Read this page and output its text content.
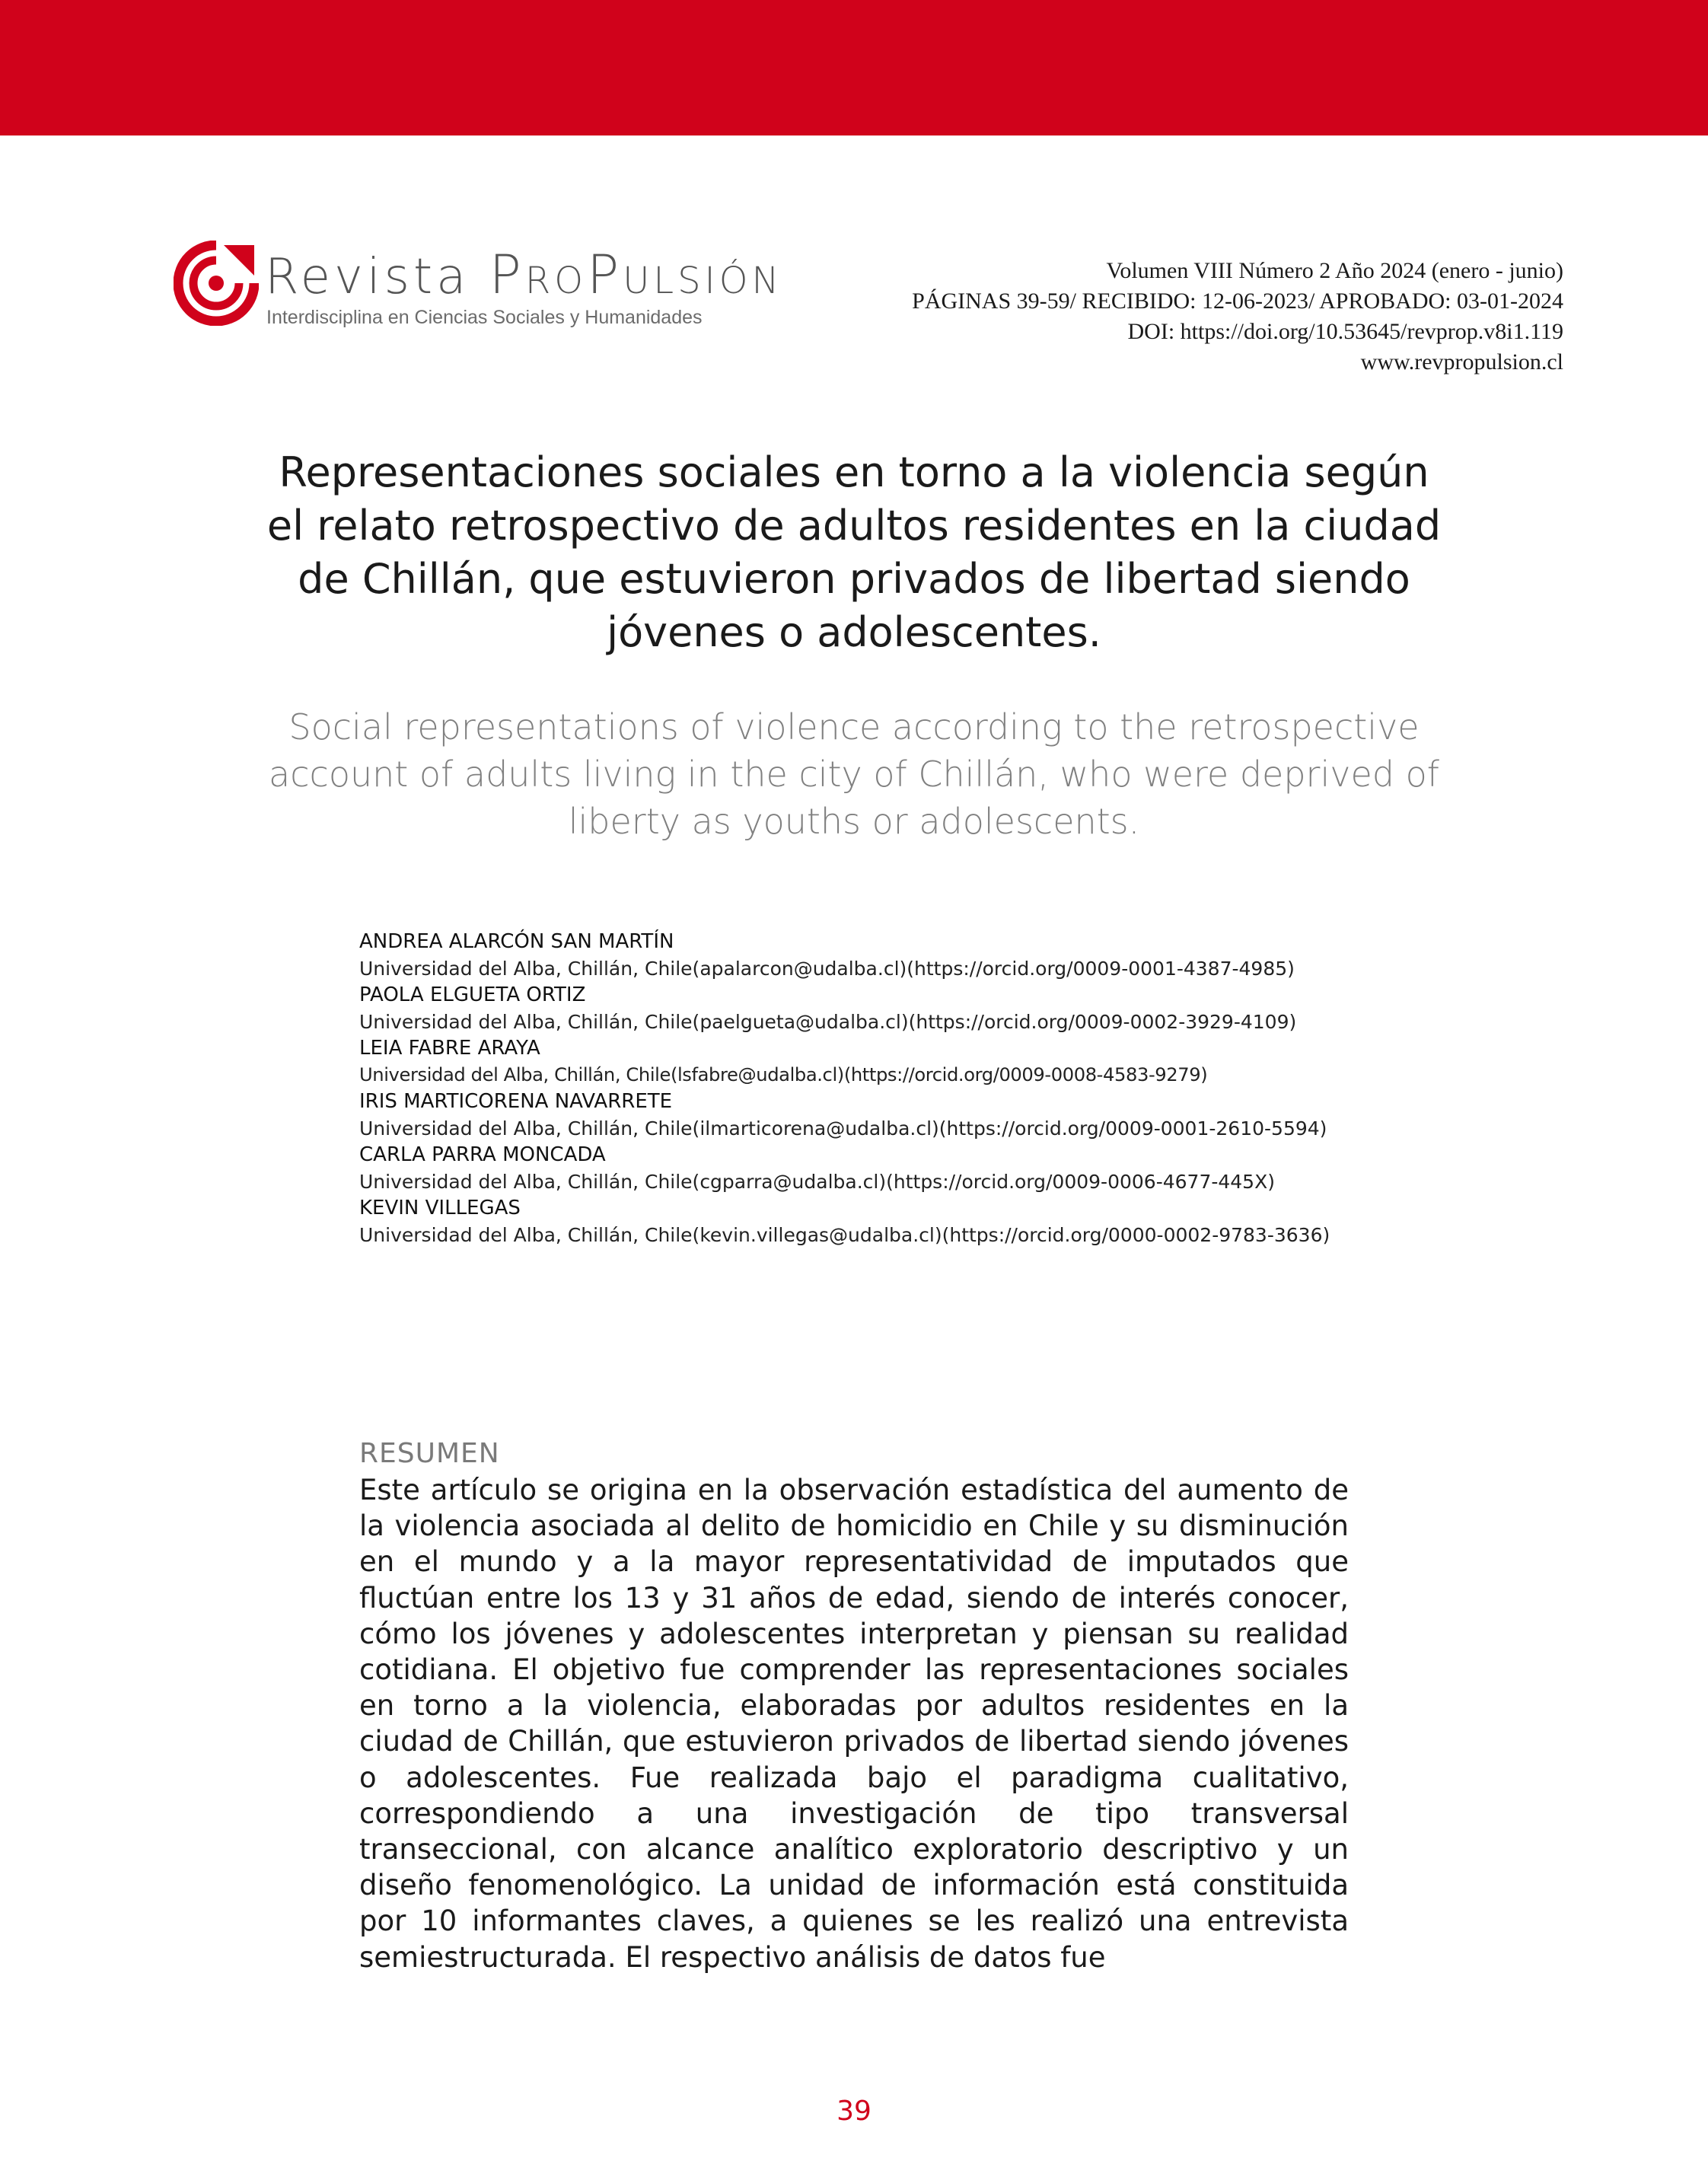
Revista PROPULSIÓN
Interdisciplina en Ciencias Sociales y Humanidades
Volumen VIII Número 2 Año 2024 (enero - junio)
PÁGINAS 39-59/ RECIBIDO: 12-06-2023/ APROBADO: 03-01-2024
DOI: https://doi.org/10.53645/revprop.v8i1.119
www.revpropulsion.cl
Representaciones sociales en torno a la violencia según el relato retrospectivo de adultos residentes en la ciudad de Chillán, que estuvieron privados de libertad siendo jóvenes o adolescentes.
Social representations of violence according to the retrospective account of adults living in the city of Chillán, who were deprived of liberty as youths or adolescents.
ANDREA ALARCÓN SAN MARTÍN
Universidad del Alba, Chillán, Chile(apalarcon@udalba.cl)(https://orcid.org/0009-0001-4387-4985)
PAOLA ELGUETA ORTIZ
Universidad del Alba, Chillán, Chile(paelgueta@udalba.cl)(https://orcid.org/0009-0002-3929-4109)
LEIA FABRE ARAYA
Universidad del Alba, Chillán, Chile(lsfabre@udalba.cl)(https://orcid.org/0009-0008-4583-9279)
IRIS MARTICORENA NAVARRETE
Universidad del Alba, Chillán, Chile(ilmarticorena@udalba.cl)(https://orcid.org/0009-0001-2610-5594)
CARLA PARRA MONCADA
Universidad del Alba, Chillán, Chile(cgparra@udalba.cl)(https://orcid.org/0009-0006-4677-445X)
KEVIN VILLEGAS
Universidad del Alba, Chillán, Chile(kevin.villegas@udalba.cl)(https://orcid.org/0000-0002-9783-3636)
RESUMEN

Este artículo se origina en la observación estadística del aumento de la violencia asociada al delito de homicidio en Chile y su disminución en el mundo y a la mayor representatividad de imputados que fluctúan entre los 13 y 31 años de edad, siendo de interés conocer, cómo los jóvenes y adolescentes interpretan y piensan su realidad cotidiana. El objetivo fue comprender las representaciones sociales en torno a la violencia, elaboradas por adultos residentes en la ciudad de Chillán, que estuvieron privados de libertad siendo jóvenes o adolescentes. Fue realizada bajo el paradigma cualitativo, correspondiendo a una investigación de tipo transversal transeccional, con alcance analítico exploratorio descriptivo y un diseño fenomenológico. La unidad de información está constituida por 10 informantes claves, a quienes se les realizó una entrevista semiestructurada. El respectivo análisis de datos fue

39
